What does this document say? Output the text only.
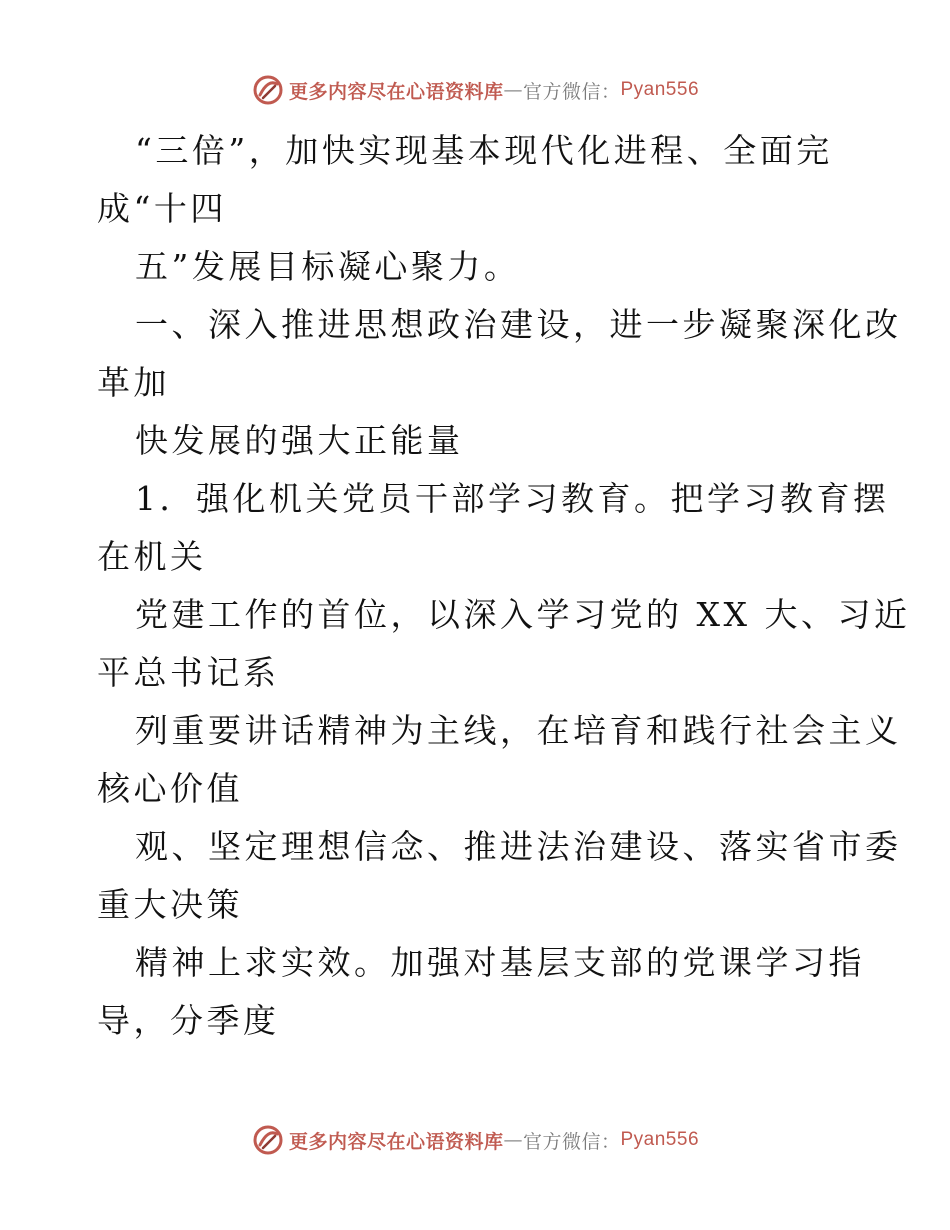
更多内容尽在心语资料库 — 官方微信： Pyan556
“三倍”，加快实现基本现代化进程、全面完
成“十四
五”发展目标凝心聚力。
一、深入推进思想政治建设，进一步凝聚深化改
革加
快发展的强大正能量
1．强化机关党员干部学习教育。把学习教育摆
在机关
党建工作的首位，以深入学习党的 XX 大、习近
平总书记系
列重要讲话精神为主线，在培育和践行社会主义
核心价值
观、坚定理想信念、推进法治建设、落实省市委
重大决策
精神上求实效。加强对基层支部的党课学习指
导，分季度
更多内容尽在心语资料库 — 官方微信： Pyan556
